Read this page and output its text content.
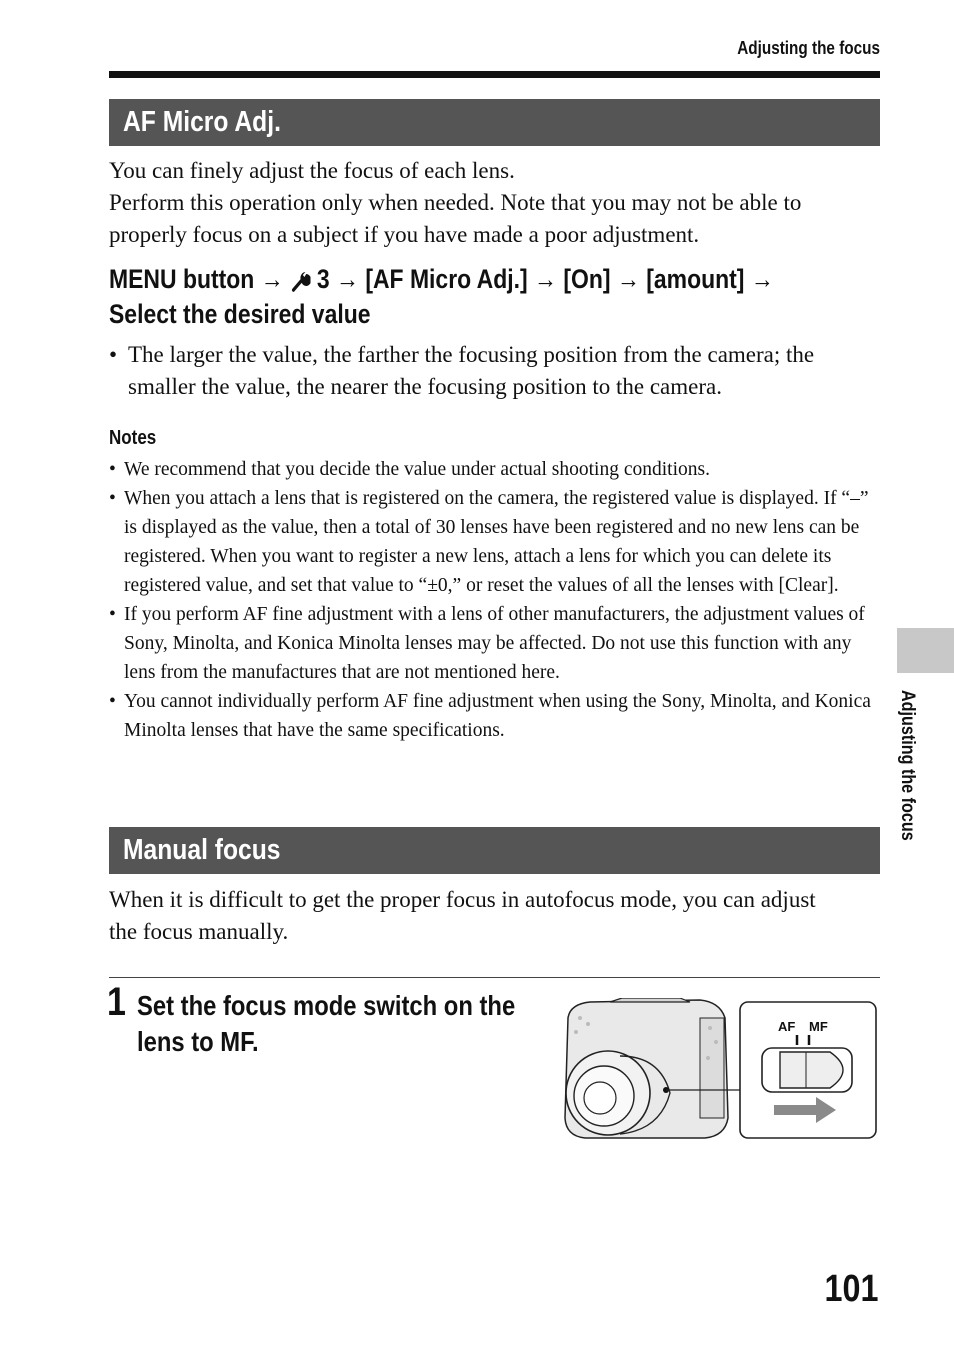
Adjusting the focus
AF Micro Adj.

You can finely adjust the focus of each lens.

Perform this operation only when needed. Note that you may not be able to properly focus on a subject if you have made a poor adjustment.

MENU button → 3 → [AF Micro Adj.] → [On] → [amount] →
Select the desired value
• The larger the value, the farther the focusing position from the camera; the smaller the value, the nearer the focusing position to the camera.

Notes
• We recommend that you decide the value under actual shooting conditions.
• When you attach a lens that is registered on the camera, the registered value is displayed. If “–” is displayed as the value, then a total of 30 lenses have been registered and no new lens can be registered. When you want to register a new lens, attach a lens for which you can delete its registered value, and set that value to “±0,” or reset the values of all the lenses with [Clear].
• If you perform AF fine adjustment with a lens of other manufacturers, the adjustment values of Sony, Minolta, and Konica Minolta lenses may be affected. Do not use this function with any lens from the manufactures that are not mentioned here.
• You cannot individually perform AF fine adjustment when using the Sony, Minolta, and Konica Minolta lenses that have the same specifications.
Manual focus

When it is difficult to get the proper focus in autofocus mode, you can adjust the focus manually.

1 Set the focus mode switch on the lens to MF.	AF MF
Adjusting the focus
101
